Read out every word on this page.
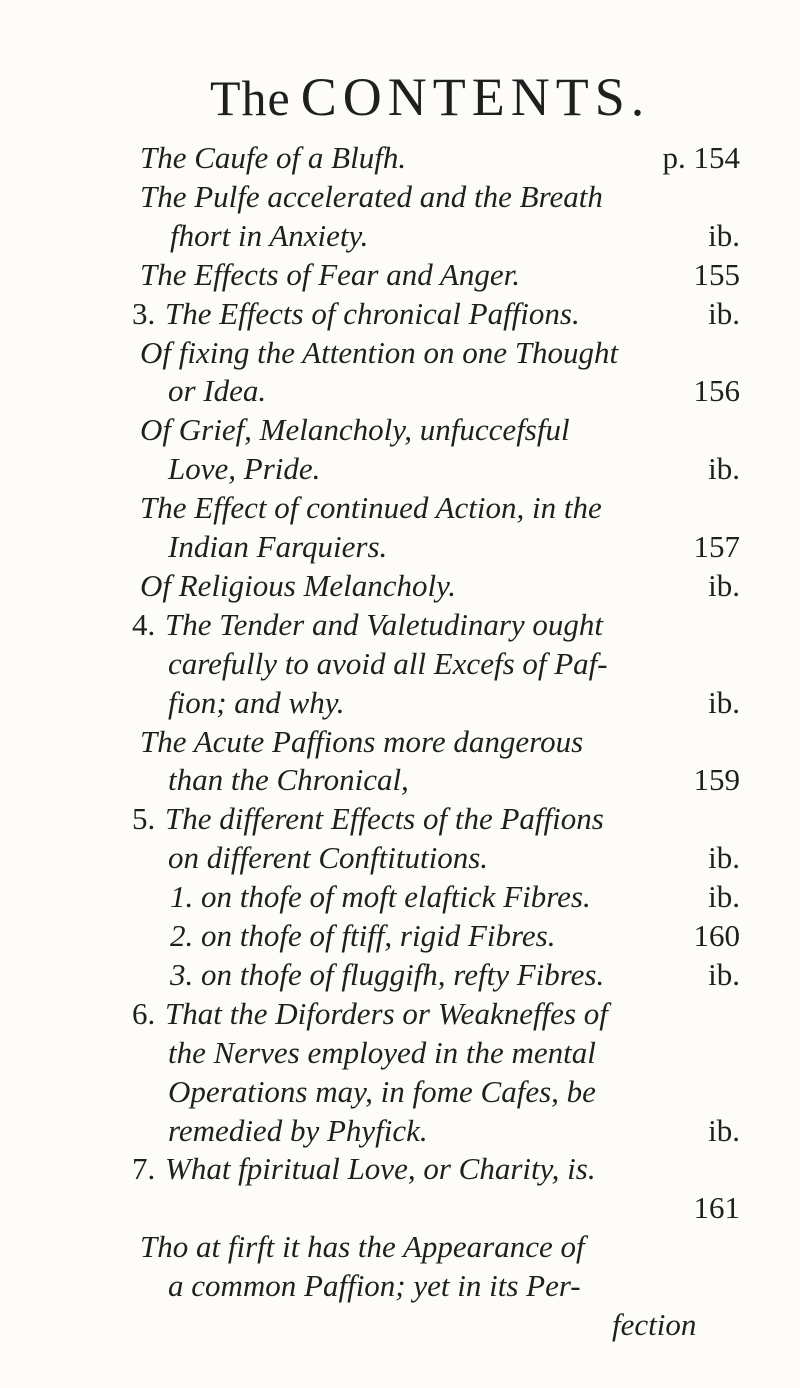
The CONTENTS.
The Caufe of a Blufh.	p. 154
The Pulfe accelerated and the Breath
fhort in Anxiety.	ib.
The Effects of Fear and Anger.	155
3. The Effects of chronical Paffions.	ib.
Of fixing the Attention on one Thought
or Idea.	156
Of Grief, Melancholy, unfuccefsful
Love, Pride.	ib.
The Effect of continued Action, in the
Indian Farquiers.	157
Of Religious Melancholy.	ib.
4. The Tender and Valetudinary ought
carefully to avoid all Excefs of Paf-
fion; and why.	ib.
The Acute Paffions more dangerous
than the Chronical,	159
5. The different Effects of the Paffions
on different Conftitutions.	ib.
1. on thofe of moft elaftick Fibres.	ib.
2. on thofe of ftiff, rigid Fibres.	160
3. on thofe of fluggifh, refty Fibres.	ib.
6. That the Diforders or Weakneffes of
the Nerves employed in the mental
Operations may, in fome Cafes, be
remedied by Phyfick.	ib.
7. What fpiritual Love, or Charity, is.
161
Tho at firft it has the Appearance of
a common Paffion; yet in its Per-
fection
